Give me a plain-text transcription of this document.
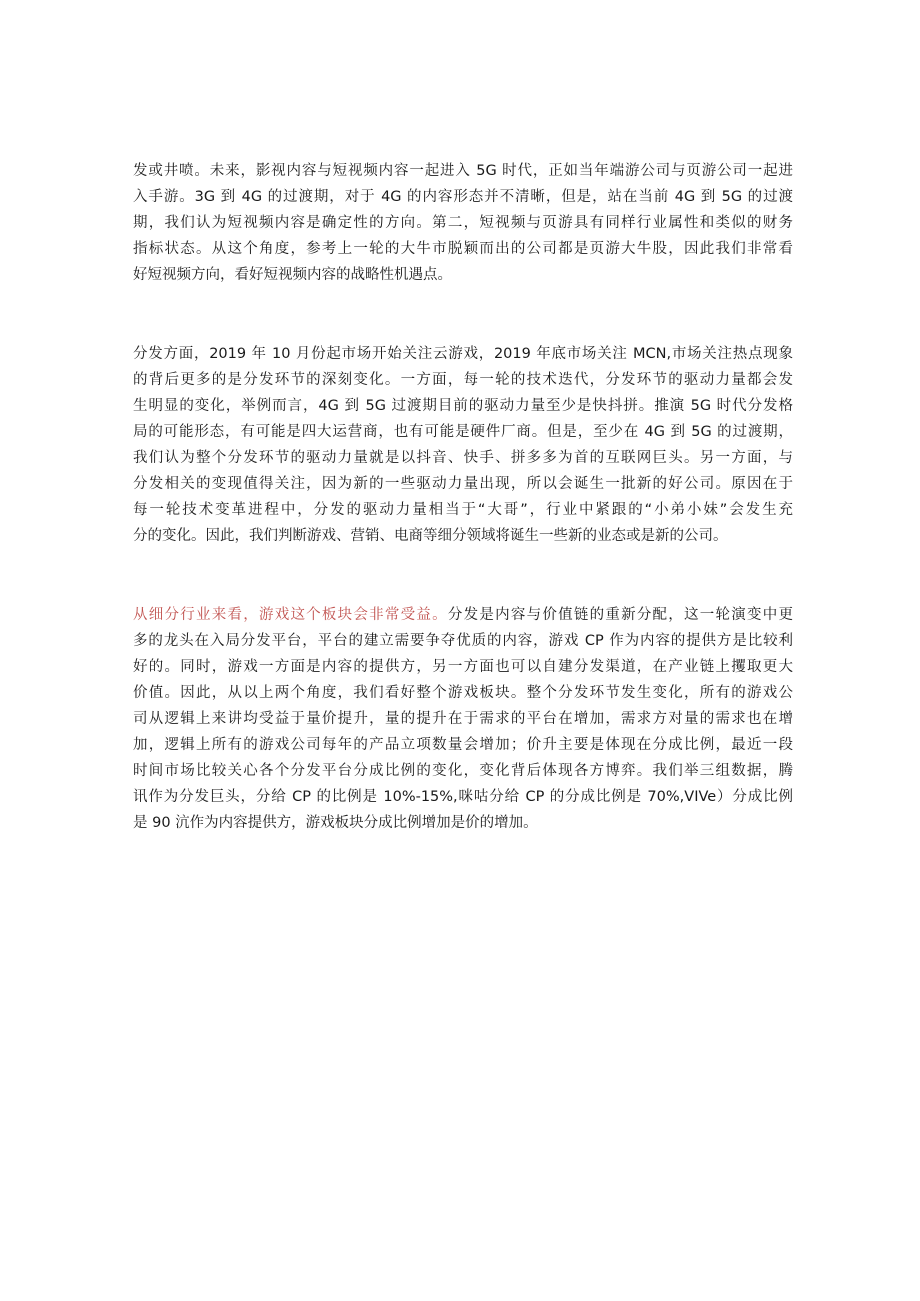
发或井喷。未来，影视内容与短视频内容一起进入 5G 时代，正如当年端游公司与页游公司一起进
入手游。3G 到 4G 的过渡期，对于 4G 的内容形态并不清晰，但是，站在当前 4G 到 5G 的过渡
期，我们认为短视频内容是确定性的方向。第二，短视频与页游具有同样行业属性和类似的财务
指标状态。从这个角度，参考上一轮的大牛市脱颖而出的公司都是页游大牛股，因此我们非常看
好短视频方向，看好短视频内容的战略性机遇点。
分发方面，2019 年 10 月份起市场开始关注云游戏，2019 年底市场关注 MCN,市场关注热点现象
的背后更多的是分发环节的深刻变化。一方面，每一轮的技术迭代，分发环节的驱动力量都会发
生明显的变化，举例而言，4G 到 5G 过渡期目前的驱动力量至少是快抖拼。推演 5G 时代分发格
局的可能形态，有可能是四大运营商，也有可能是硬件厂商。但是，至少在 4G 到 5G 的过渡期，
我们认为整个分发环节的驱动力量就是以抖音、快手、拼多多为首的互联网巨头。另一方面，与
分发相关的变现值得关注，因为新的一些驱动力量出现，所以会诞生一批新的好公司。原因在于
每一轮技术变革进程中，分发的驱动力量相当于“大哥”，行业中紧跟的“小弟小妹”会发生充
分的变化。因此，我们判断游戏、营销、电商等细分领域将诞生一些新的业态或是新的公司。
从细分行业来看，游戏这个板块会非常受益。分发是内容与价值链的重新分配，这一轮演变中更
多的龙头在入局分发平台，平台的建立需要争夺优质的内容，游戏 CP 作为内容的提供方是比较利
好的。同时，游戏一方面是内容的提供方，另一方面也可以自建分发渠道，在产业链上攫取更大
价值。因此，从以上两个角度，我们看好整个游戏板块。整个分发环节发生变化，所有的游戏公
司从逻辑上来讲均受益于量价提升，量的提升在于需求的平台在增加，需求方对量的需求也在增
加，逻辑上所有的游戏公司每年的产品立项数量会增加；价升主要是体现在分成比例，最近一段
时间市场比较关心各个分发平台分成比例的变化，变化背后体现各方博弈。我们举三组数据，腾
讯作为分发巨头，分给 CP 的比例是 10%-15%,咪咕分给 CP 的分成比例是 70%,VIVe）分成比例
是 90 沆作为内容提供方，游戏板块分成比例增加是价的增加。
